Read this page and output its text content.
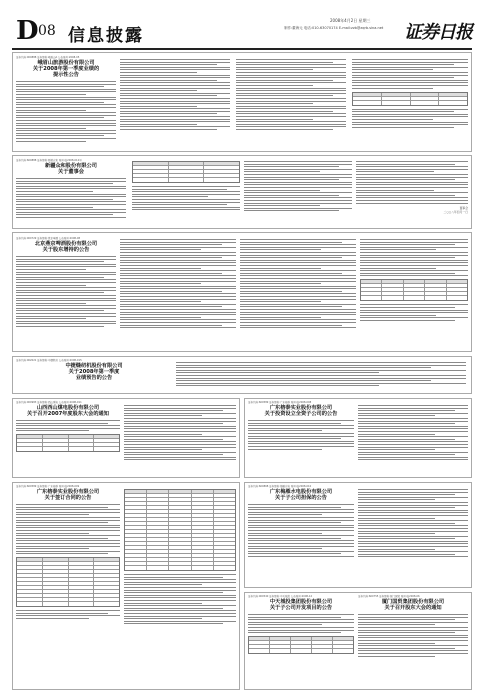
D 08 信息披露
2008年4月2日 星期三
制作:董海元 电话:010-63070174 E-mail:zzb@zqrb.sina.net	证券日报
证券代码:000888 证券简称:峨眉山A 公告编号:2008-05
峨眉山旅游股份有限公司
关于2008年第一季度业绩的
提示性公告
证券代码:600888 证券简称:新疆众和 编号:临2008-012号
新疆众和股份有限公司
关于董事会
董事会
二○○八年四月一日
证券代码:000729 证券简称:燕京啤酒 公告编号:2008-08
北京燕京啤酒股份有限公司
关于股东增持的公告
证券代码:002021 证券简称:中捷股份 公告编号:2008-015
中捷缝纫机股份有限公司
关于2008年第一季度
业绩预告的公告
证券代码:000983 证券简称:西山煤电 公告编号:2008-011
山西西山煤电股份有限公司
关于召开2007年度股东大会的通知
证券代码:600589 证券简称:广东榕泰 编号:临2008-008
广东榕泰实业股份有限公司
关于投资设立全资子公司的公告
证券代码:600589 证券简称:广东榕泰 编号:临2008-009
广东榕泰实业股份有限公司
关于签订合同的公告
证券代码:600868 证券简称:梅雁水电 编号:临2008-010
广东梅雁水电股份有限公司
关于子公司担保的公告
证券代码:000540 证券简称:中天城投 公告编号:2008-12
中天城投集团股份有限公司
关于子公司开发项目的公告
证券代码:600755 证券简称:厦门国贸 编号:临2008-06
厦门国贸集团股份有限公司
关于召开股东大会的通知
